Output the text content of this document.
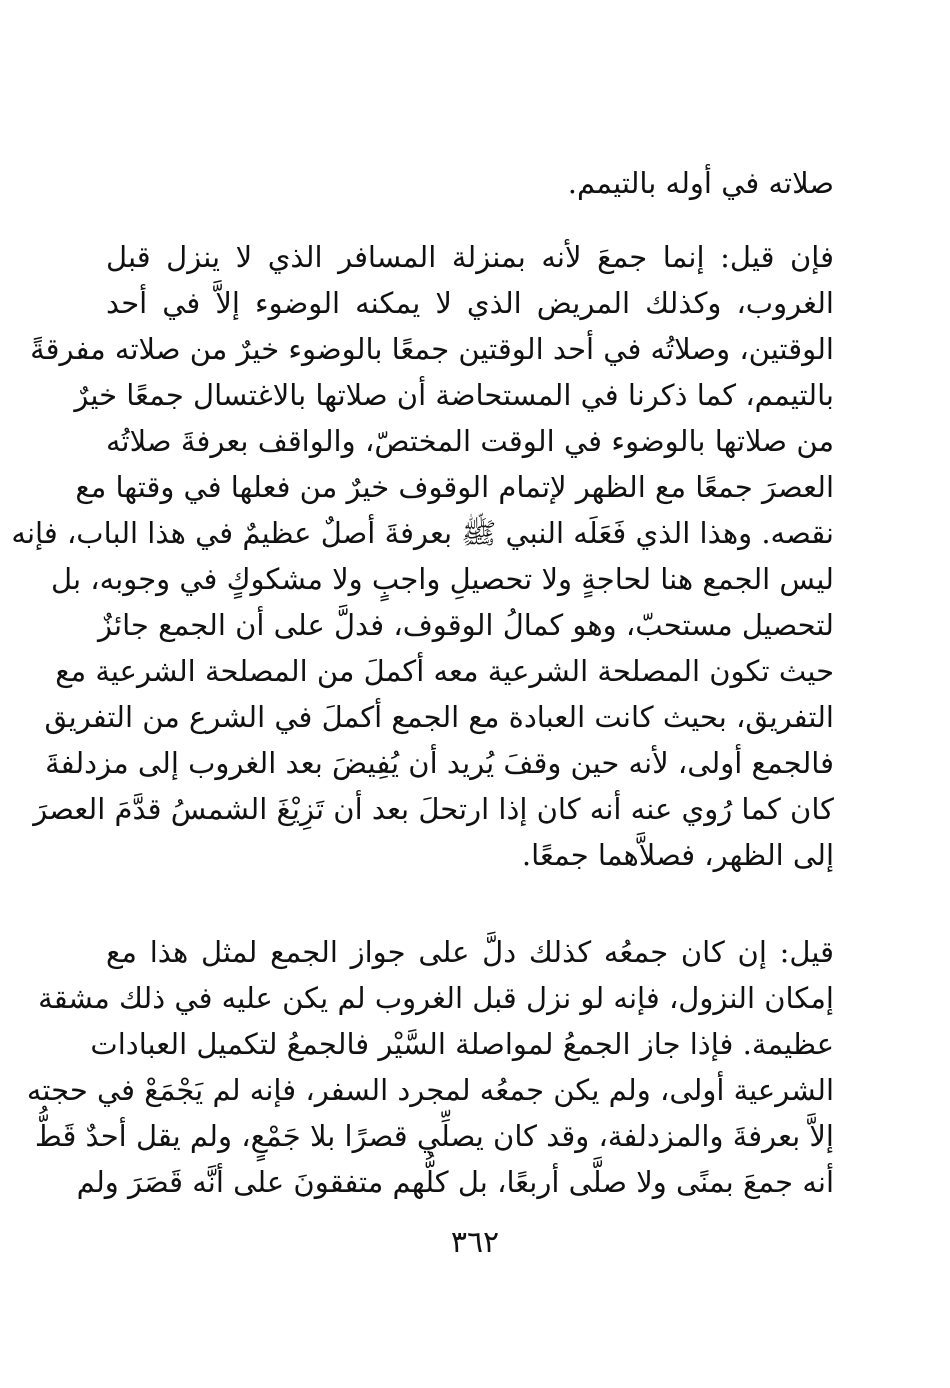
صلاته في أوله بالتيمم.
فإن قيل: إنما جمعَ لأنه بمنزلة المسافر الذي لا ينزل قبل
الغروب، وكذلك المريض الذي لا يمكنه الوضوء إلاَّ في أحد
الوقتين، وصلاتُه في أحد الوقتين جمعًا بالوضوء خيرٌ من صلاته مفرقةً
بالتيمم، كما ذكرنا في المستحاضة أن صلاتها بالاغتسال جمعًا خيرٌ
من صلاتها بالوضوء في الوقت المختصّ، والواقف بعرفةَ صلاتُه
العصرَ جمعًا مع الظهر لإتمام الوقوف خيرٌ من فعلها في وقتها مع
نقصه. وهذا الذي فَعَلَه النبي ﷺ بعرفةَ أصلٌ عظيمٌ في هذا الباب، فإنه
ليس الجمع هنا لحاجةٍ ولا تحصيلِ واجبٍ ولا مشكوكٍ في وجوبه، بل
لتحصيل مستحبّ، وهو كمالُ الوقوف، فدلَّ على أن الجمع جائزٌ
حيث تكون المصلحة الشرعية معه أكملَ من المصلحة الشرعية مع
التفريق، بحيث كانت العبادة مع الجمع أكملَ في الشرع من التفريق
فالجمع أولى، لأنه حين وقفَ يُريد أن يُفِيضَ بعد الغروب إلى مزدلفةَ
كان كما رُوي عنه أنه كان إذا ارتحلَ بعد أن تَزِيْغَ الشمسُ قدَّمَ العصرَ
إلى الظهر، فصلاَّهما جمعًا.
قيل: إن كان جمعُه كذلك دلَّ على جواز الجمع لمثل هذا مع
إمكان النزول، فإنه لو نزل قبل الغروب لم يكن عليه في ذلك مشقة
عظيمة. فإذا جاز الجمعُ لمواصلة السَّيْر فالجمعُ لتكميل العبادات
الشرعية أولى، ولم يكن جمعُه لمجرد السفر، فإنه لم يَجْمَعْ في حجته
إلاَّ بعرفةَ والمزدلفة، وقد كان يصلِّي قصرًا بلا جَمْعٍ، ولم يقل أحدٌ قَطُّ
أنه جمعَ بمنًى ولا صلَّى أربعًا، بل كلُّهم متفقونَ على أنَّه قَصَرَ ولم
٣٦٢
